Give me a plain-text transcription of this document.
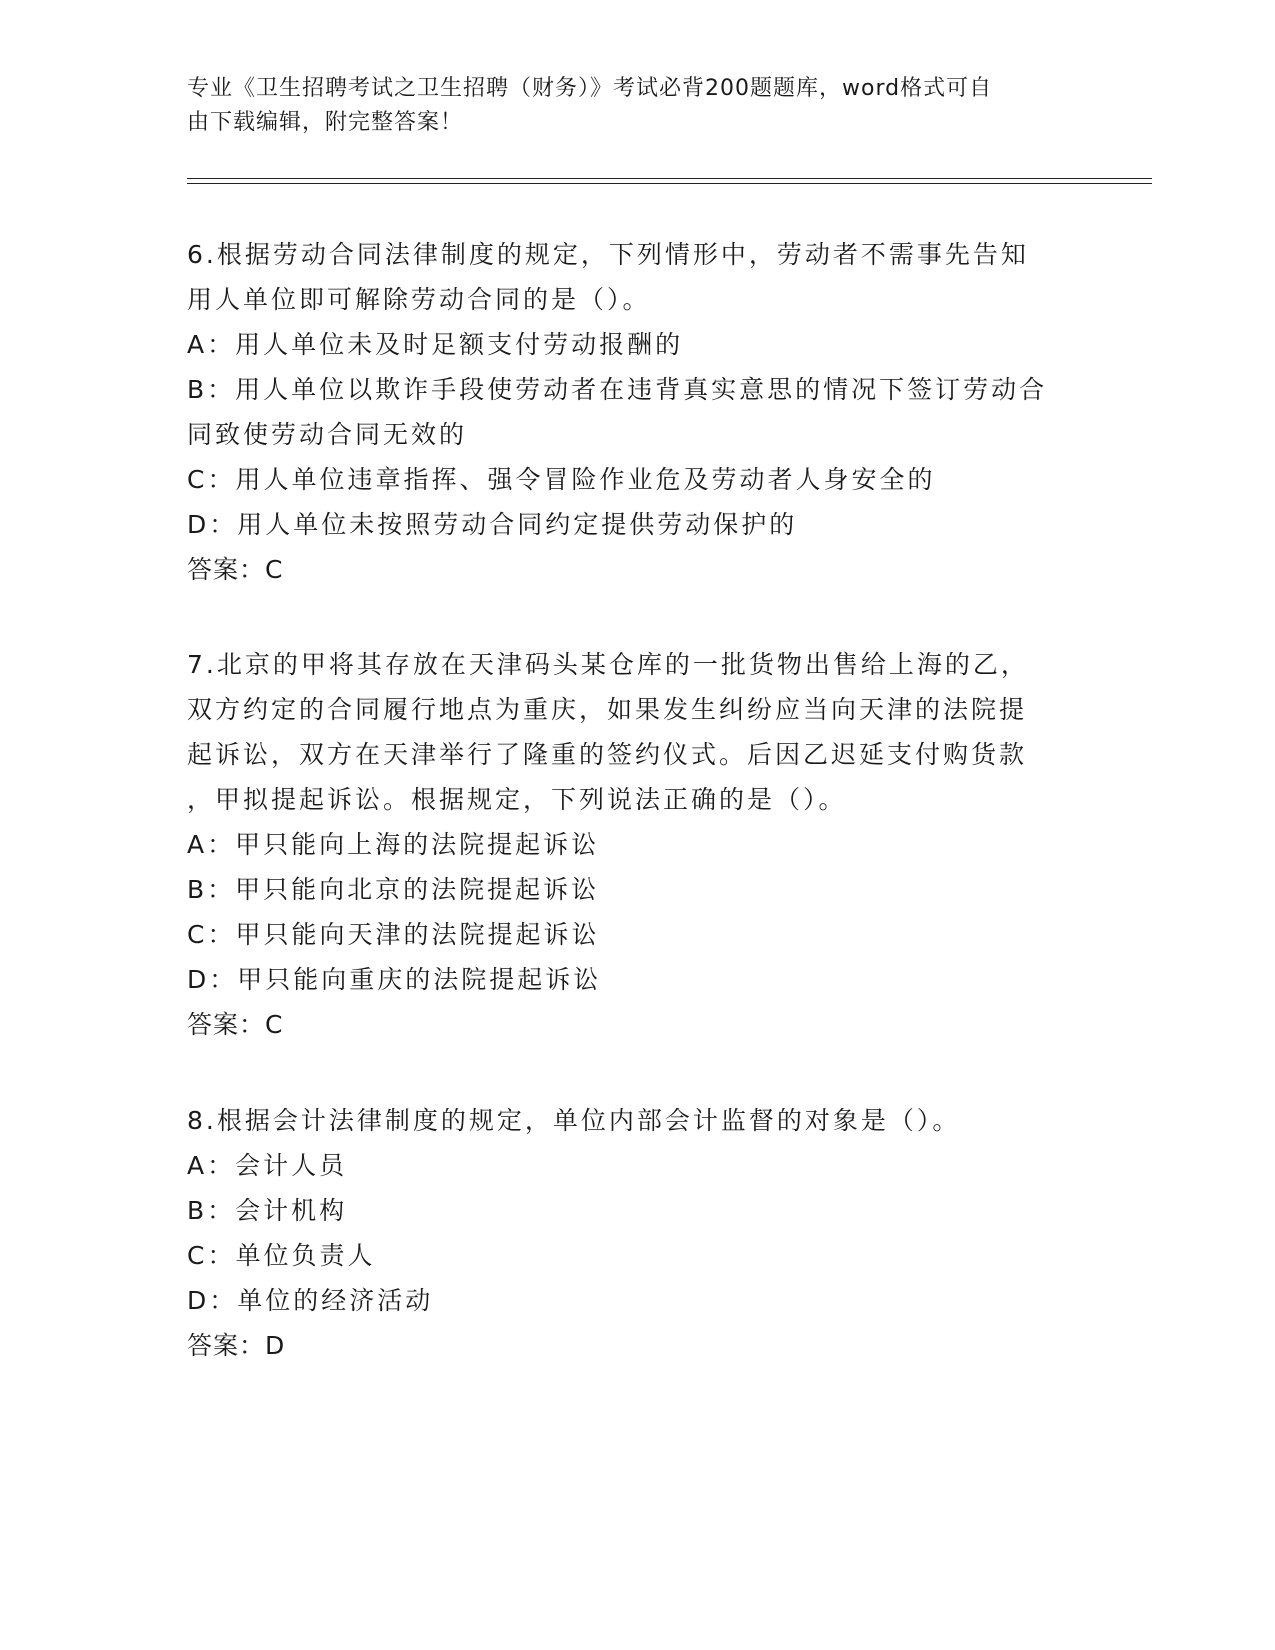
专业《卫生招聘考试之卫生招聘（财务）》考试必背200题题库，word格式可自
由下载编辑，附完整答案！
6.根据劳动合同法律制度的规定，下列情形中，劳动者不需事先告知
用人单位即可解除劳动合同的是（）。
A：用人单位未及时足额支付劳动报酬的
B：用人单位以欺诈手段使劳动者在违背真实意思的情况下签订劳动合
同致使劳动合同无效的
C：用人单位违章指挥、强令冒险作业危及劳动者人身安全的
D：用人单位未按照劳动合同约定提供劳动保护的
答案：C
7.北京的甲将其存放在天津码头某仓库的一批货物出售给上海的乙，
双方约定的合同履行地点为重庆，如果发生纠纷应当向天津的法院提
起诉讼，双方在天津举行了隆重的签约仪式。后因乙迟延支付购货款
，甲拟提起诉讼。根据规定，下列说法正确的是（）。
A：甲只能向上海的法院提起诉讼
B：甲只能向北京的法院提起诉讼
C：甲只能向天津的法院提起诉讼
D：甲只能向重庆的法院提起诉讼
答案：C
8.根据会计法律制度的规定，单位内部会计监督的对象是（）。
A：会计人员
B：会计机构
C：单位负责人
D：单位的经济活动
答案：D
